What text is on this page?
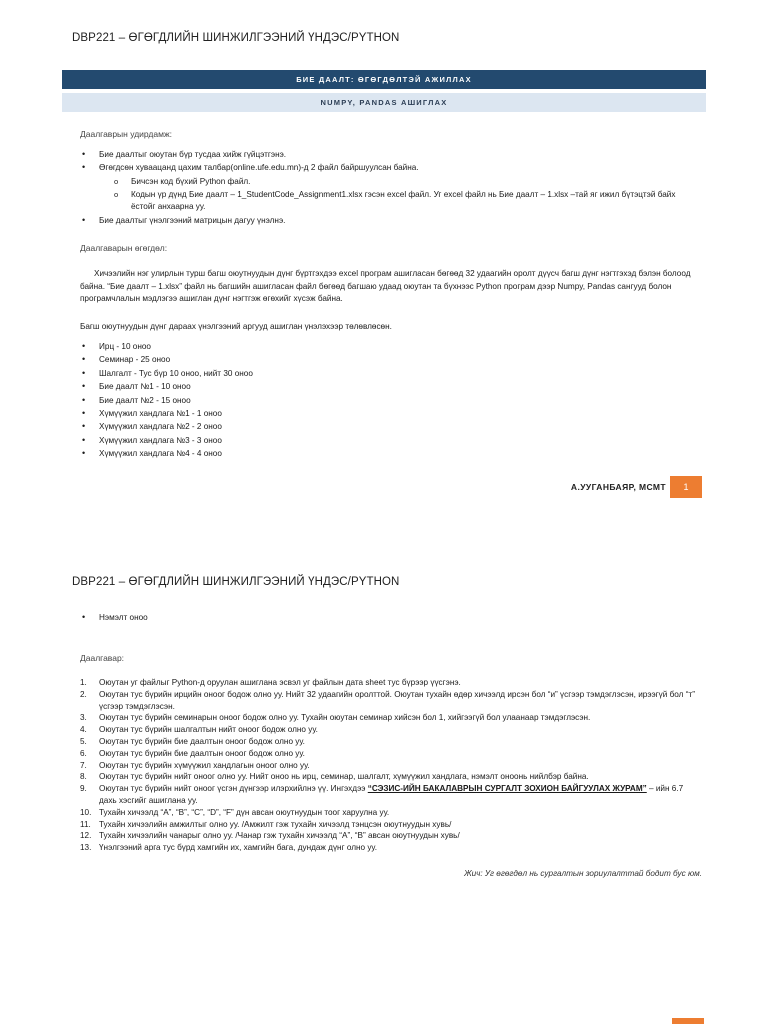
DBP221 – ӨГӨГДЛИЙН ШИНЖИЛГЭЭНИЙ ҮНДЭС/PYTHON
БИЕ ДААЛТ: ӨГӨГДӨЛТЭЙ АЖИЛЛАХ
NUMPY, PANDAS АШИГЛАХ
Даалгаврын удирдамж:
• Бие даалтыг оюутан бүр тусдаа хийж гүйцэтгэнэ.
• Өгөгдсөн хуваацанд цахим талбар(online.ufe.edu.mn)-д 2 файл байршуулсан байна.
o Бичсэн код бүхий Python файл.
o Кодын үр дүнд Бие даалт – 1_StudentCode_Assignment1.xlsx гэсэн excel файл. Уг excel файл нь Бие даалт – 1.xlsx –тай яг ижил бүтэцтэй байх ёстойг анхаарна уу.
• Бие даалтыг үнэлгээний матрицын дагуу үнэлнэ.
Даалгаварын өгөгдөл:
Хичээлийн нэг улирлын турш багш оюутнуудын дүнг бүртгэхдээ excel програм ашигласан бөгөөд 32 удаагийн оролт дүүсч багш дүнг нэгтгэхэд бэлэн болоод байна. “Бие даалт – 1.xlsx” файл нь багшийн ашигласан файл бөгөөд багшаю удаад оюутан та бүхнээс Python програм дээр Numpy, Pandas сангууд болон програмчлалын мэдлэгээ ашиглан дүнг нэгтгэж өгөхийг хүсэж байна.
Багш оюутнуудын дүнг дараах үнэлгээний аргууд ашиглан үнэлэхээр төлөвлөсөн.
• Ирц - 10 оноо
• Семинар - 25 оноо
• Шалгалт - Тус бүр 10 оноо, нийт 30 оноо
• Бие даалт №1 - 10 оноо
• Бие даалт №2 - 15 оноо
• Хүмүүжил хандлага №1 - 1 оноо
• Хүмүүжил хандлага №2 - 2 оноо
• Хүмүүжил хандлага №3 - 3 оноо
• Хүмүүжил хандлага №4 - 4 оноо
А.УУГАНБАЯР, МСМТ 1
DBP221 – ӨГӨГДЛИЙН ШИНЖИЛГЭЭНИЙ ҮНДЭС/PYTHON
• Нэмэлт оноо
Даалгавар:
1.	Оюутан уг файлыг Python-д оруулан ашиглана эсвэл уг файлын дата sheet тус бүрээр үүсгэнэ.
2.	Оюутан тус бүрийн ирцийн оноог бодож олно уу. Нийт 32 удаагийн оролттой. Оюутан тухайн өдөр хичээлд ирсэн бол “и” үсгээр тэмдэглэсэн, ирээгүй бол “т” үсгээр тэмдэглэсэн.
3.	Оюутан тус бүрийн семинарын оноог бодож олно уу. Тухайн оюутан семинар хийсэн бол 1, хийгээгүй бол улаанаар тэмдэглэсэн.
4.	Оюутан тус бүрийн шалгалтын нийт оноог бодож олно уу.
5.	Оюутан тус бүрийн бие даалтын оноог бодож олно уу.
6.	Оюутан тус бүрийн бие даалтын оноог бодож олно уу.
7.	Оюутан тус бүрийн хүмүүжил хандлагын оноог олно уу.
8.	Оюутан тус бүрийн нийт оноог олно уу. Нийт оноо нь ирц, семинар, шалгалт, хүмүүжил хандлага, нэмэлт оноонь нийлбэр байна.
9.	Оюутан тус бүрийн нийт оноог үсгэн дүнгээр илэрхийлнэ үү. Ингэхдээ “СЭЗИС-ИЙН БАКАЛАВРЫН СУРГАЛТ ЗОХИОН БАЙГУУЛАХ ЖУРАМ” – ийн 6.7 дахь хэсгийг ашиглана уу.
10. Тухайн хичээлд “A”, “B”, “C”, “D”, “F” дүн авсан оюутнуудын тоог харуулна уу.
11.	Тухайн хичээлийн амжилтыг олно уу. /Амжилт гэж тухайн хичээлд тэнцсэн оюутнуудын хувь/
12. Тухайн хичээлийн чанарыг олно уу. /Чанар гэж тухайн хичээлд “A”, “B” авсан оюутнуудын хувь/
13. Үнэлгээний арга тус бүрд хамгийн их, хамгийн бага, дундаж дүнг олно уу.
Жич: Уг өгөгдөл нь сургалтын зориулалттай бодит бус юм.
